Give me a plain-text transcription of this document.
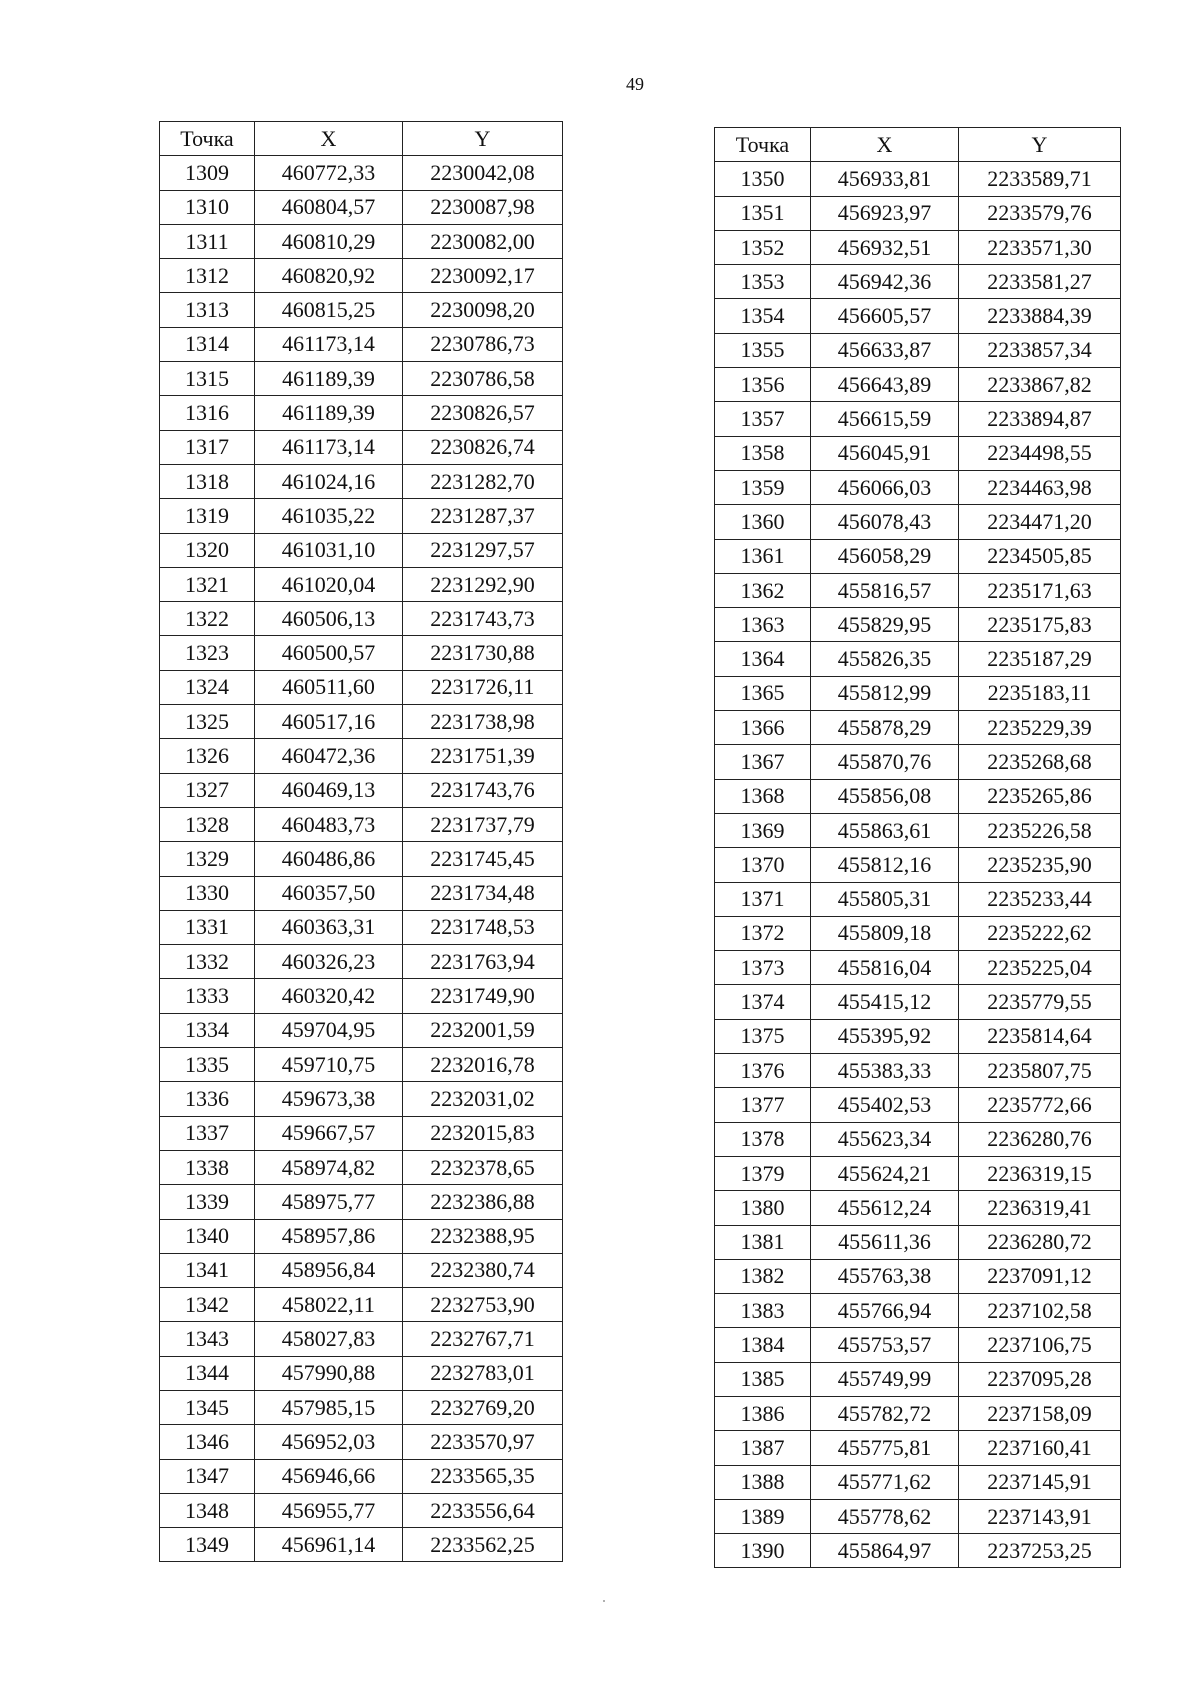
49
Точка	X	Y
1309	460772,33	2230042,08
1310	460804,57	2230087,98
1311	460810,29	2230082,00
1312	460820,92	2230092,17
1313	460815,25	2230098,20
1314	461173,14	2230786,73
1315	461189,39	2230786,58
1316	461189,39	2230826,57
1317	461173,14	2230826,74
1318	461024,16	2231282,70
1319	461035,22	2231287,37
1320	461031,10	2231297,57
1321	461020,04	2231292,90
1322	460506,13	2231743,73
1323	460500,57	2231730,88
1324	460511,60	2231726,11
1325	460517,16	2231738,98
1326	460472,36	2231751,39
1327	460469,13	2231743,76
1328	460483,73	2231737,79
1329	460486,86	2231745,45
1330	460357,50	2231734,48
1331	460363,31	2231748,53
1332	460326,23	2231763,94
1333	460320,42	2231749,90
1334	459704,95	2232001,59
1335	459710,75	2232016,78
1336	459673,38	2232031,02
1337	459667,57	2232015,83
1338	458974,82	2232378,65
1339	458975,77	2232386,88
1340	458957,86	2232388,95
1341	458956,84	2232380,74
1342	458022,11	2232753,90
1343	458027,83	2232767,71
1344	457990,88	2232783,01
1345	457985,15	2232769,20
1346	456952,03	2233570,97
1347	456946,66	2233565,35
1348	456955,77	2233556,64
1349	456961,14	2233562,25
Точка	X	Y
1350	456933,81	2233589,71
1351	456923,97	2233579,76
1352	456932,51	2233571,30
1353	456942,36	2233581,27
1354	456605,57	2233884,39
1355	456633,87	2233857,34
1356	456643,89	2233867,82
1357	456615,59	2233894,87
1358	456045,91	2234498,55
1359	456066,03	2234463,98
1360	456078,43	2234471,20
1361	456058,29	2234505,85
1362	455816,57	2235171,63
1363	455829,95	2235175,83
1364	455826,35	2235187,29
1365	455812,99	2235183,11
1366	455878,29	2235229,39
1367	455870,76	2235268,68
1368	455856,08	2235265,86
1369	455863,61	2235226,58
1370	455812,16	2235235,90
1371	455805,31	2235233,44
1372	455809,18	2235222,62
1373	455816,04	2235225,04
1374	455415,12	2235779,55
1375	455395,92	2235814,64
1376	455383,33	2235807,75
1377	455402,53	2235772,66
1378	455623,34	2236280,76
1379	455624,21	2236319,15
1380	455612,24	2236319,41
1381	455611,36	2236280,72
1382	455763,38	2237091,12
1383	455766,94	2237102,58
1384	455753,57	2237106,75
1385	455749,99	2237095,28
1386	455782,72	2237158,09
1387	455775,81	2237160,41
1388	455771,62	2237145,91
1389	455778,62	2237143,91
1390	455864,97	2237253,25
